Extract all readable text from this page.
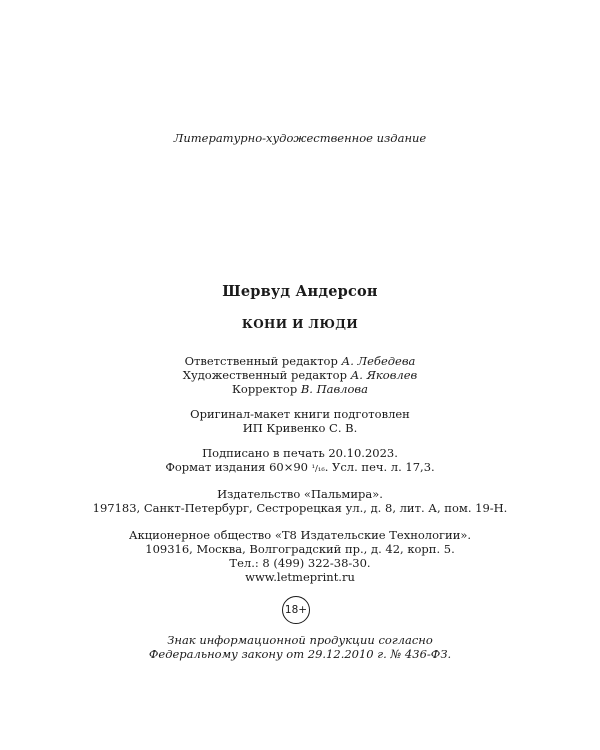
Литературно-художественное издание
Шервуд Андерсон
КОНИ И ЛЮДИ
Ответственный редактор А. Лебедева
Художественный редактор А. Яковлев
Корректор В. Павлова
Оригинал-макет книги подготовлен
ИП Кривенко С. В.
Подписано в печать 20.10.2023.
Формат издания 60×90 ¹/₁₆. Усл. печ. л. 17,3.
Издательство «Пальмира».
197183, Санкт-Петербург, Сестрорецкая ул., д. 8, лит. А, пом. 19-Н.
Акционерное общество «Т8 Издательские Технологии».
109316, Москва, Волгоградский пр., д. 42, корп. 5.
Тел.: 8 (499) 322-38-30.
www.letmeprint.ru
18+
Знак информационной продукции согласно
Федеральному закону от 29.12.2010 г. № 436-ФЗ.
